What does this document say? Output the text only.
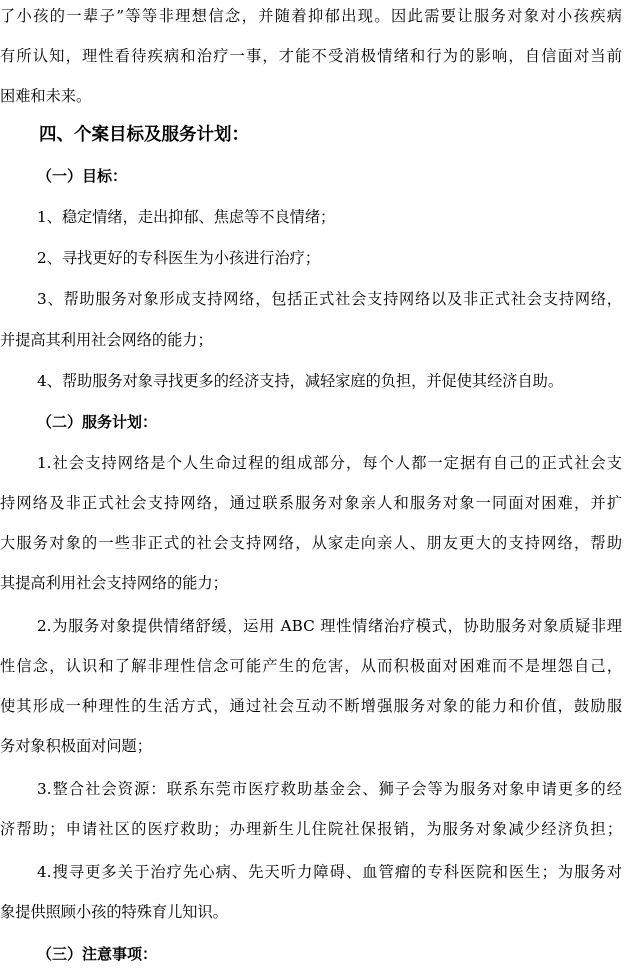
了小孩的一辈子”等等非理想信念，并随着抑郁出现。因此需要让服务对象对小孩疾病
有所认知，理性看待疾病和治疗一事，才能不受消极情绪和行为的影响，自信面对当前
困难和未来。
四、个案目标及服务计划：
（一）目标：
1、稳定情绪，走出抑郁、焦虑等不良情绪；
2、寻找更好的专科医生为小孩进行治疗；
3、帮助服务对象形成支持网络，包括正式社会支持网络以及非正式社会支持网络，
并提高其利用社会网络的能力；
4、帮助服务对象寻找更多的经济支持，减轻家庭的负担，并促使其经济自助。
（二）服务计划：
1.社会支持网络是个人生命过程的组成部分，每个人都一定据有自己的正式社会支
持网络及非正式社会支持网络，通过联系服务对象亲人和服务对象一同面对困难，并扩
大服务对象的一些非正式的社会支持网络，从家走向亲人、朋友更大的支持网络，帮助
其提高利用社会支持网络的能力；
2.为服务对象提供情绪舒缓，运用 ABC 理性情绪治疗模式，协助服务对象质疑非理
性信念，认识和了解非理性信念可能产生的危害，从而积极面对困难而不是埋怨自己，
使其形成一种理性的生活方式，通过社会互动不断增强服务对象的能力和价值，鼓励服
务对象积极面对问题；
3.整合社会资源：联系东莞市医疗救助基金会、狮子会等为服务对象申请更多的经
济帮助；申请社区的医疗救助；办理新生儿住院社保报销，为服务对象减少经济负担；
4.搜寻更多关于治疗先心病、先天听力障碍、血管瘤的专科医院和医生；为服务对
象提供照顾小孩的特殊育儿知识。
（三）注意事项：
